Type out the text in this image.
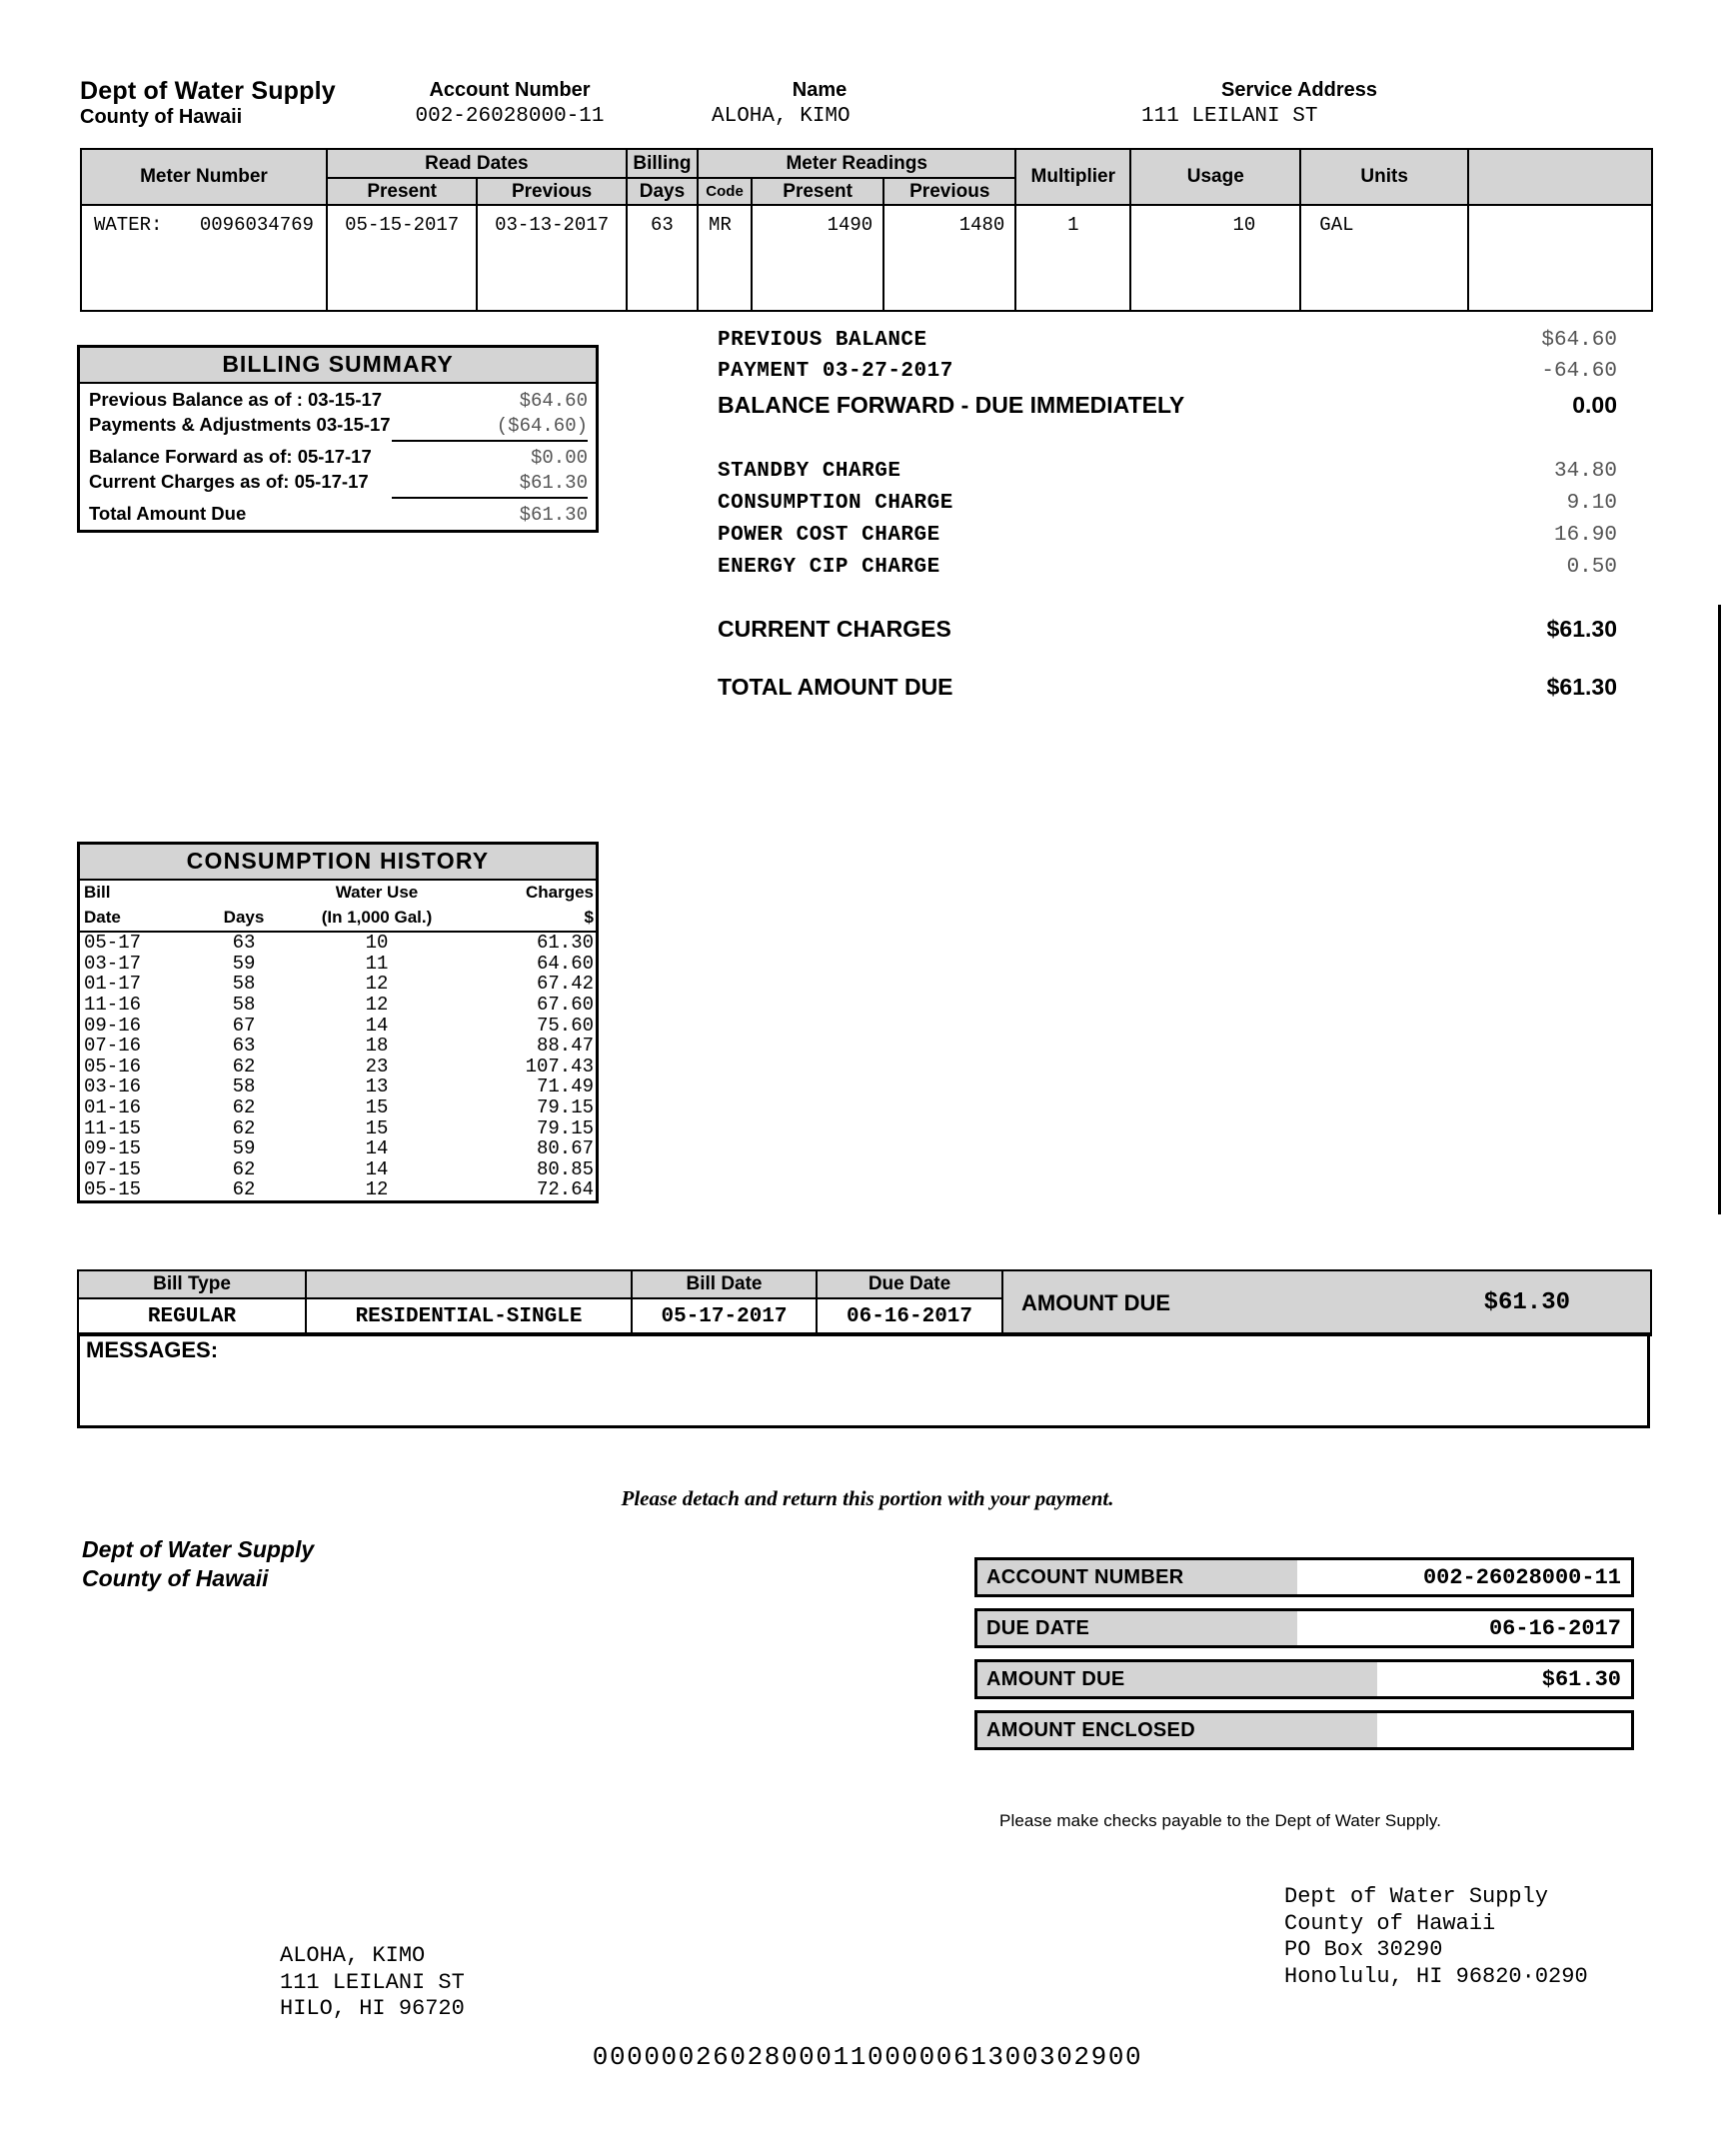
Dept of Water Supply
County of Hawaii
Account Number
002-26028000-11
Name
ALOHA, KIMO
Service Address
111 LEILANI ST
Meter Number	Read Dates		Billing	Meter Readings			Multiplier	Usage	Units	
	Present	Previous	Days	Code	Present	Previous				

WATER: 0096034769	05-15-2017	03-13-2017	63	MR	1490	1480	1	10	GAL	
BILLING SUMMARY
Previous Balance as of : 03-15-17	$64.60
Payments & Adjustments 03-15-17	($64.60)
Balance Forward as of: 05-17-17	$0.00
Current Charges as of: 05-17-17	$61.30
Total Amount Due	$61.30
PREVIOUS BALANCE	$64.60
PAYMENT 03-27-2017	-64.60
BALANCE FORWARD - DUE IMMEDIATELY	0.00
STANDBY CHARGE	34.80
CONSUMPTION CHARGE	9.10
POWER COST CHARGE	16.90
ENERGY CIP CHARGE	0.50
CURRENT CHARGES	$61.30
TOTAL AMOUNT DUE	$61.30
CONSUMPTION HISTORY
Bill		Water Use	Charges
Date	Days	(In 1,000 Gal.)	$
05-17	63	10	61.30
03-17	59	11	64.60
01-17	58	12	67.42
11-16	58	12	67.60
09-16	67	14	75.60
07-16	63	18	88.47
05-16	62	23	107.43
03-16	58	13	71.49
01-16	62	15	79.15
11-15	62	15	79.15
09-15	59	14	80.67
07-15	62	14	80.85
05-15	62	12	72.64
Bill Type		Bill Date	Due Date	AMOUNT DUE $61.30

REGULAR	RESIDENTIAL-SINGLE	05-17-2017	06-16-2017	
MESSAGES:
Please detach and return this portion with your payment.
Dept of Water Supply
County of Hawaii	ACCOUNT NUMBER	002-26028000-11
DUE DATE	06-16-2017
AMOUNT DUE	$61.30
AMOUNT ENCLOSED
Please make checks payable to the Dept of Water Supply.
Dept of Water Supply
County of Hawaii
PO Box 30290
Honolulu, HI 96820·0290
ALOHA, KIMO
111 LEILANI ST
HILO, HI 96720
00000026028000110000061300302900
